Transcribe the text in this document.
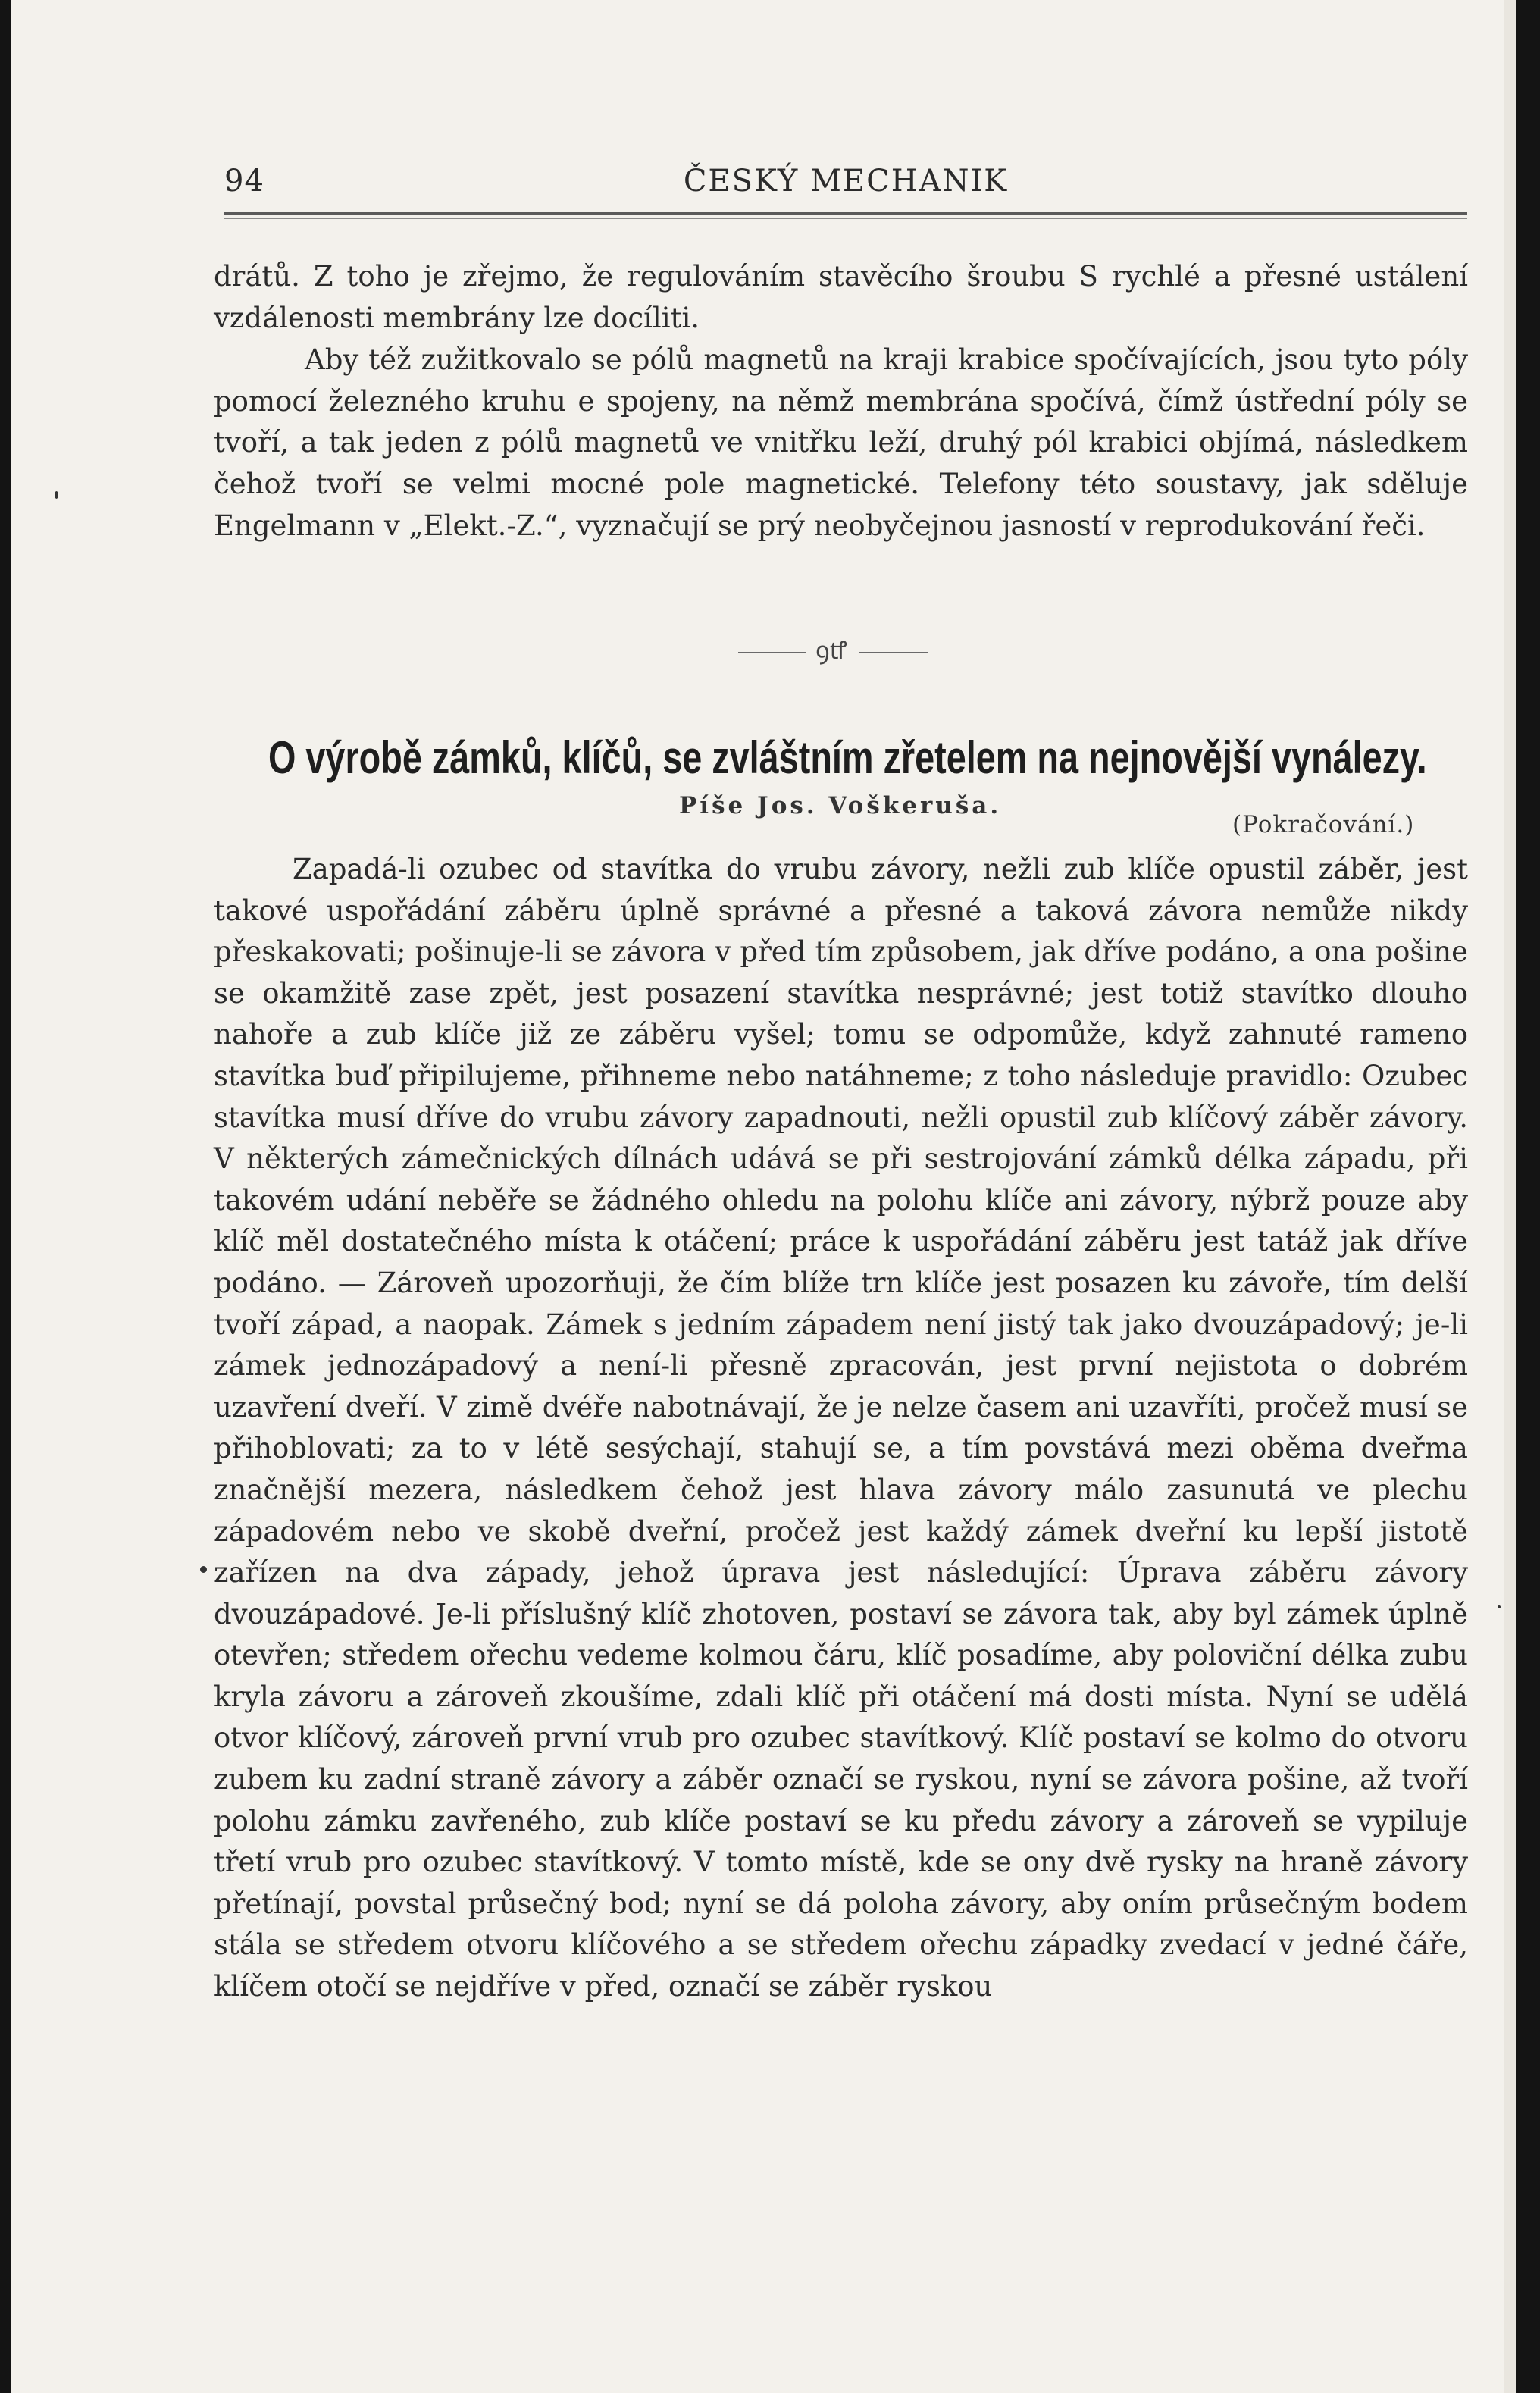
94	ČESKÝ MECHANIK

drátů. Z toho je zřejmo, že regulováním stavěcího šroubu S rychlé a přesné ustálení vzdálenosti membrány lze docíliti.

Aby též zužitkovalo se pólů magnetů na kraji krabice spočívajících, jsou tyto póly pomocí železného kruhu e spojeny, na němž membrána spočívá, čímž ústřední póly se tvoří, a tak jeden z pólů magnetů ve vnitřku leží, druhý pól krabici objímá, následkem čehož tvoří se velmi mocné pole magnetické. Telefony této soustavy, jak sděluje Engelmann v „Elekt.-Z.“, vyznačují se prý neobyčejnou jasností v reprodukování řeči.

ꝯꝷ
O výrobě zámků, klíčů, se zvláštním zřetelem na nejnovější vynálezy.
Píše Jos. Voškeruša.
(Pokračování.)

Zapadá-li ozubec od stavítka do vrubu závory, nežli zub klíče opustil záběr, jest takové uspořádání záběru úplně správné a přesné a taková závora nemůže nikdy přeskakovati; pošinuje-li se závora v před tím způsobem, jak dříve podáno, a ona pošine se okamžitě zase zpět, jest posazení stavítka nesprávné; jest totiž stavítko dlouho nahoře a zub klíče již ze záběru vyšel; tomu se odpomůže, když zahnuté rameno stavítka buď připilujeme, přihneme nebo natáhneme; z toho následuje pravidlo: Ozubec stavítka musí dříve do vrubu závory zapadnouti, nežli opustil zub klíčový záběr závory. V některých zámečnických dílnách udává se při sestrojování zámků délka západu, při takovém udání neběře se žádného ohledu na polohu klíče ani závory, nýbrž pouze aby klíč měl dostatečného místa k otáčení; práce k uspořádání záběru jest tatáž jak dříve podáno. — Zároveň upozorňuji, že čím blíže trn klíče jest posazen ku závoře, tím delší tvoří západ, a naopak. Zámek s jedním západem není jistý tak jako dvouzápadový; je-li zámek jednozápadový a není-li přesně zpracován, jest první nejistota o dobrém uzavření dveří. V zimě dvéře nabotnávají, že je nelze časem ani uzavříti, pročež musí se přihoblovati; za to v létě sesýchají, stahují se, a tím povstává mezi oběma dveřma značnější mezera, následkem čehož jest hlava závory málo zasunutá ve plechu západovém nebo ve skobě dveřní, pročež jest každý zámek dveřní ku lepší jistotě zařízen na dva západy, jehož úprava jest následující: Úprava záběru závory dvouzápadové. Je-li příslušný klíč zhotoven, postaví se závora tak, aby byl zámek úplně otevřen; středem ořechu vedeme kolmou čáru, klíč posadíme, aby poloviční délka zubu kryla závoru a zároveň zkoušíme, zdali klíč při otáčení má dosti místa. Nyní se udělá otvor klíčový, zároveň první vrub pro ozubec stavítkový. Klíč postaví se kolmo do otvoru zubem ku zadní straně závory a záběr označí se ryskou, nyní se závora pošine, až tvoří polohu zámku zavřeného, zub klíče postaví se ku předu závory a zároveň se vypiluje třetí vrub pro ozubec stavítkový. V tomto místě, kde se ony dvě rysky na hraně závory přetínají, povstal průsečný bod; nyní se dá poloha závory, aby oním průsečným bodem stála se středem otvoru klíčového a se středem ořechu západky zvedací v jedné čáře, klíčem otočí se nejdříve v před, označí se záběr ryskou
